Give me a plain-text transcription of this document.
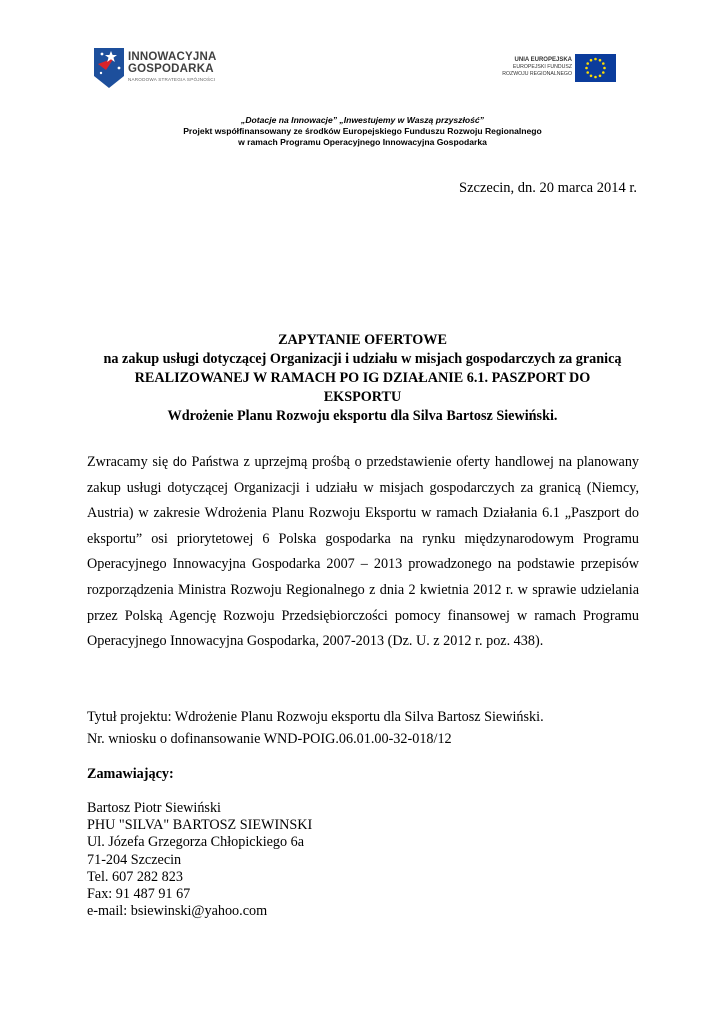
INNOWACYJNA
GOSPODARKA
NARODOWA STRATEGIA SPÓJNOŚCI
UNIA EUROPEJSKA
EUROPEJSKI FUNDUSZ
ROZWOJU REGIONALNEGO
„Dotacje na Innowacje” „Inwestujemy w Waszą przyszłość”
Projekt współfinansowany ze środków Europejskiego Funduszu Rozwoju Regionalnego
w ramach Programu Operacyjnego Innowacyjna Gospodarka
Szczecin, dn. 20 marca 2014 r.
ZAPYTANIE OFERTOWE
na zakup usługi dotyczącej Organizacji i udziału w misjach gospodarczych za granicą
REALIZOWANEJ W RAMACH PO IG DZIAŁANIE 6.1. PASZPORT DO
EKSPORTU
Wdrożenie Planu Rozwoju eksportu dla Silva Bartosz Siewiński.
Zwracamy się do Państwa z uprzejmą prośbą o przedstawienie oferty handlowej na planowany zakup usługi dotyczącej Organizacji i udziału w misjach gospodarczych za granicą (Niemcy, Austria) w zakresie Wdrożenia Planu Rozwoju Eksportu w ramach Działania 6.1 „Paszport do eksportu” osi priorytetowej 6 Polska gospodarka na rynku międzynarodowym Programu Operacyjnego Innowacyjna Gospodarka 2007 – 2013 prowadzonego na podstawie przepisów rozporządzenia Ministra Rozwoju Regionalnego z dnia 2 kwietnia 2012 r. w sprawie udzielania przez Polską Agencję Rozwoju Przedsiębiorczości pomocy finansowej w ramach Programu Operacyjnego Innowacyjna Gospodarka, 2007-2013 (Dz. U. z 2012 r. poz. 438).
Tytuł projektu: Wdrożenie Planu Rozwoju eksportu dla Silva Bartosz Siewiński.
Nr. wniosku o dofinansowanie WND-POIG.06.01.00-32-018/12
Zamawiający:
Bartosz Piotr Siewiński
PHU "SILVA" BARTOSZ SIEWINSKI
Ul. Józefa Grzegorza Chłopickiego 6a
71-204 Szczecin
Tel. 607 282 823
Fax: 91 487 91 67
e-mail: bsiewinski@yahoo.com
